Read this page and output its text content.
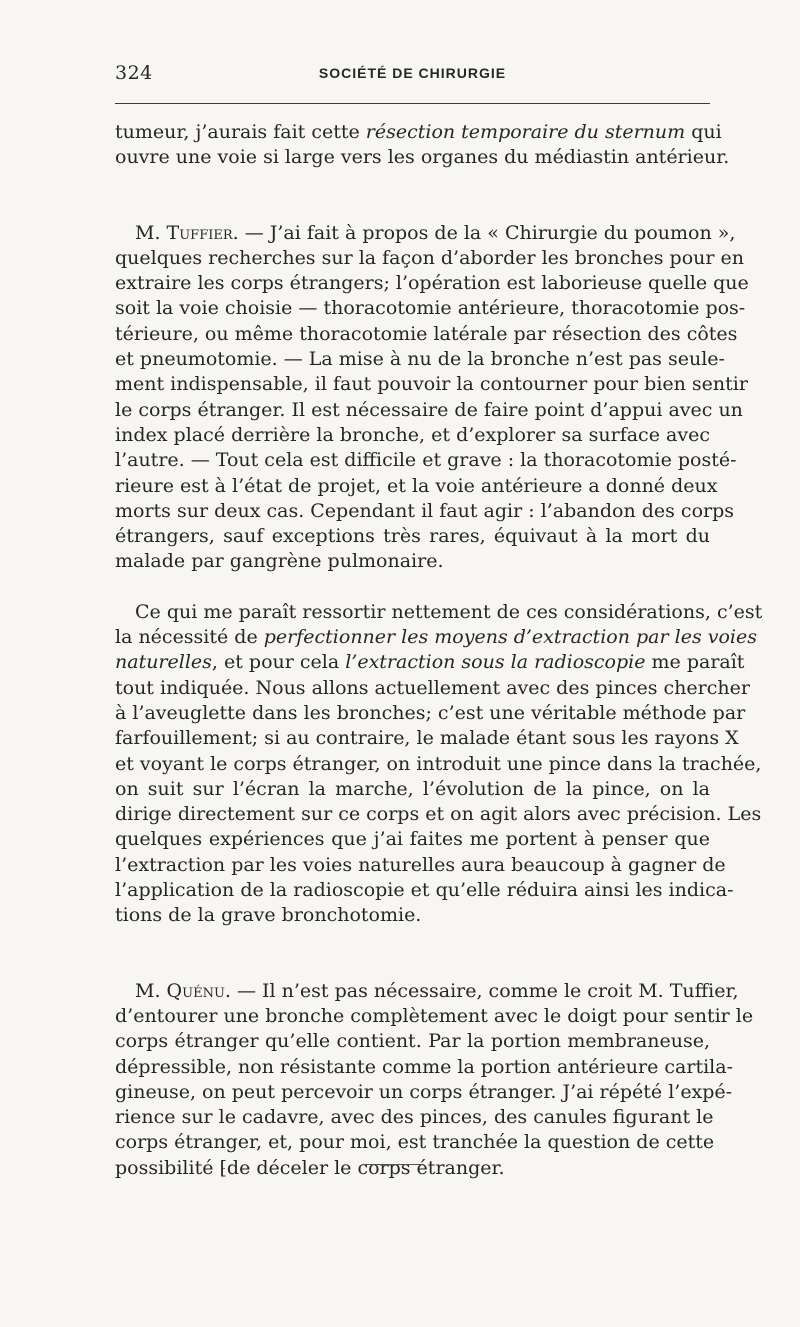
324	SOCIÉTÉ DE CHIRURGIE
tumeur, j’aurais fait cette résection temporaire du sternum qui
ouvre une voie si large vers les organes du médiastin antérieur.
M. Tuffier. — J’ai fait à propos de la « Chirurgie du poumon »,
quelques recherches sur la façon d’aborder les bronches pour en
extraire les corps étrangers; l’opération est laborieuse quelle que
soit la voie choisie — thoracotomie antérieure, thoracotomie pos-
térieure, ou même thoracotomie latérale par résection des côtes
et pneumotomie. — La mise à nu de la bronche n’est pas seule-
ment indispensable, il faut pouvoir la contourner pour bien sentir
le corps étranger. Il est nécessaire de faire point d’appui avec un
index placé derrière la bronche, et d’explorer sa surface avec
l’autre. — Tout cela est difficile et grave : la thoracotomie posté-
rieure est à l’état de projet, et la voie antérieure a donné deux
morts sur deux cas. Cependant il faut agir : l’abandon des corps
étrangers, sauf exceptions très rares, équivaut à la mort du
malade par gangrène pulmonaire.
Ce qui me paraît ressortir nettement de ces considérations, c’est
la nécessité de perfectionner les moyens d’extraction par les voies
naturelles, et pour cela l’extraction sous la radioscopie me paraît
tout indiquée. Nous allons actuellement avec des pinces chercher
à l’aveuglette dans les bronches; c’est une véritable méthode par
farfouillement; si au contraire, le malade étant sous les rayons X
et voyant le corps étranger, on introduit une pince dans la trachée,
on suit sur l’écran la marche, l’évolution de la pince, on la
dirige directement sur ce corps et on agit alors avec précision. Les
quelques expériences que j’ai faites me portent à penser que
l’extraction par les voies naturelles aura beaucoup à gagner de
l’application de la radioscopie et qu’elle réduira ainsi les indica-
tions de la grave bronchotomie.
M. Quénu. — Il n’est pas nécessaire, comme le croit M. Tuffier,
d’entourer une bronche complètement avec le doigt pour sentir le
corps étranger qu’elle contient. Par la portion membraneuse,
dépressible, non résistante comme la portion antérieure cartila-
gineuse, on peut percevoir un corps étranger. J’ai répété l’expé-
rience sur le cadavre, avec des pinces, des canules figurant le
corps étranger, et, pour moi, est tranchée la question de cette
possibilité ⁅de déceler le corps étranger.
